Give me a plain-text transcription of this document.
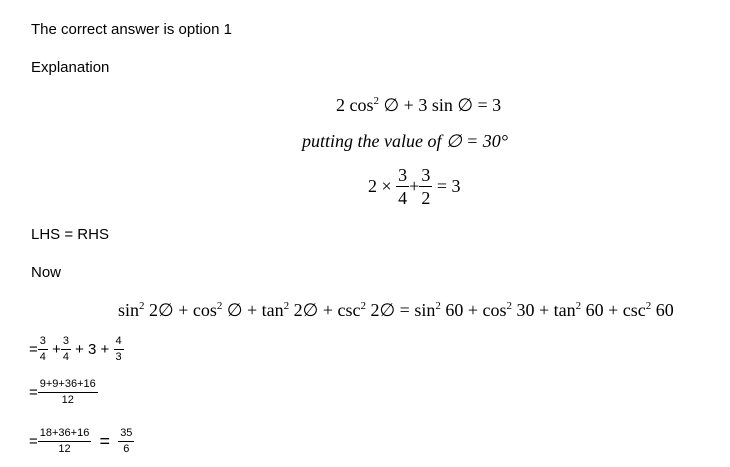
The correct answer is option 1
Explanation
2 $\cos^2$ ∅ + 3 sin ∅ = 3
putting the value of ∅ = 30°
$2 \times \frac{3}{4} + \frac{3}{2} = 3$
LHS = RHS
Now
$\sin^2$ 2∅ + $\cos^2$ ∅ + $\tan^2$ 2∅ + $\csc^2$ 2∅ = $\sin^2 60 + \cos^2 30 + \tan^2 60 + \csc^2 60$
= $\frac{3}{4} + \frac{3}{4} + 3 + \frac{4}{3}$
= $\frac{9+9+36+16}{12}$
= $\frac{18+36+16}{12} = \frac{35}{6}$
